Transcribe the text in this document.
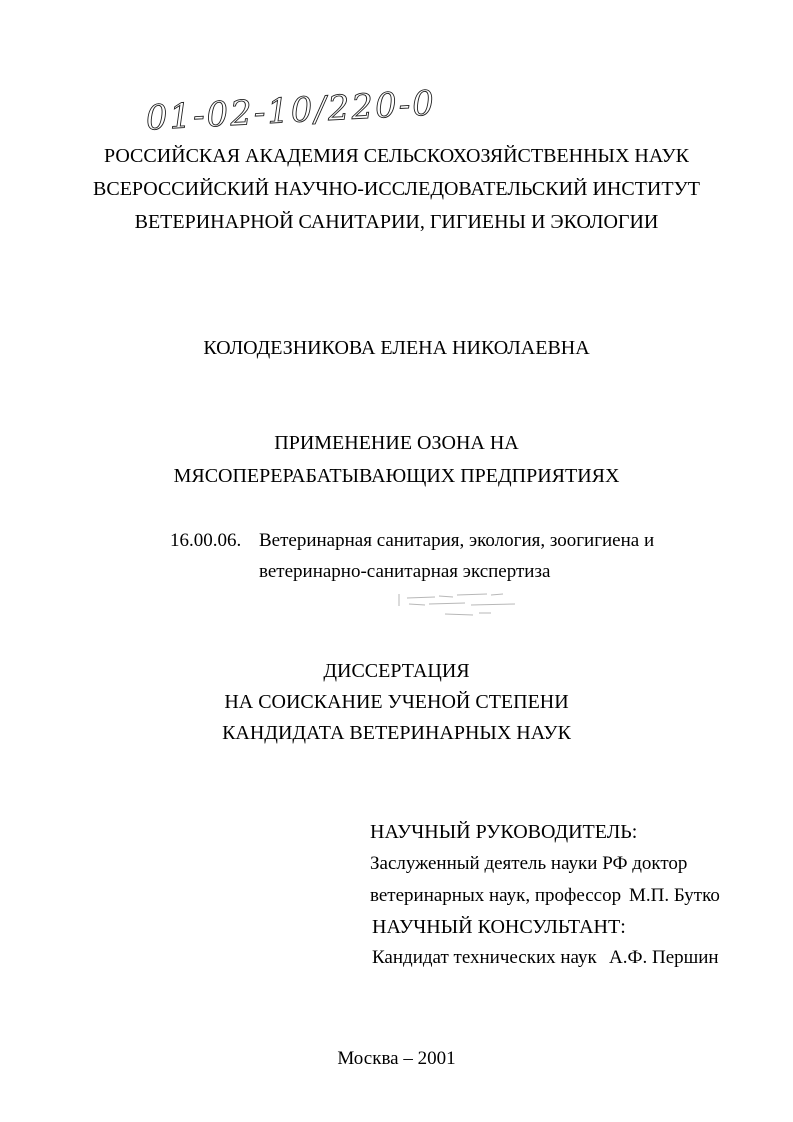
01-02-10/220-0
РОССИЙСКАЯ АКАДЕМИЯ СЕЛЬСКОХОЗЯЙСТВЕННЫХ НАУК
ВСЕРОССИЙСКИЙ НАУЧНО-ИССЛЕДОВАТЕЛЬСКИЙ ИНСТИТУТ
ВЕТЕРИНАРНОЙ САНИТАРИИ, ГИГИЕНЫ И ЭКОЛОГИИ
КОЛОДЕЗНИКОВА ЕЛЕНА НИКОЛАЕВНА
ПРИМЕНЕНИЕ ОЗОНА НА
МЯСОПЕРЕРАБАТЫВАЮЩИХ ПРЕДПРИЯТИЯХ
16.00.06. Ветеринарная санитария, экология, зоогигиена и
ветеринарно-санитарная экспертиза
ДИССЕРТАЦИЯ
НА СОИСКАНИЕ УЧЕНОЙ СТЕПЕНИ
КАНДИДАТА ВЕТЕРИНАРНЫХ НАУК
НАУЧНЫЙ РУКОВОДИТЕЛЬ:
Заслуженный деятель науки РФ доктор
ветеринарных наук, профессор М.П. Бутко
НАУЧНЫЙ КОНСУЛЬТАНТ:
Кандидат технических наук А.Ф. Першин
Москва – 2001
